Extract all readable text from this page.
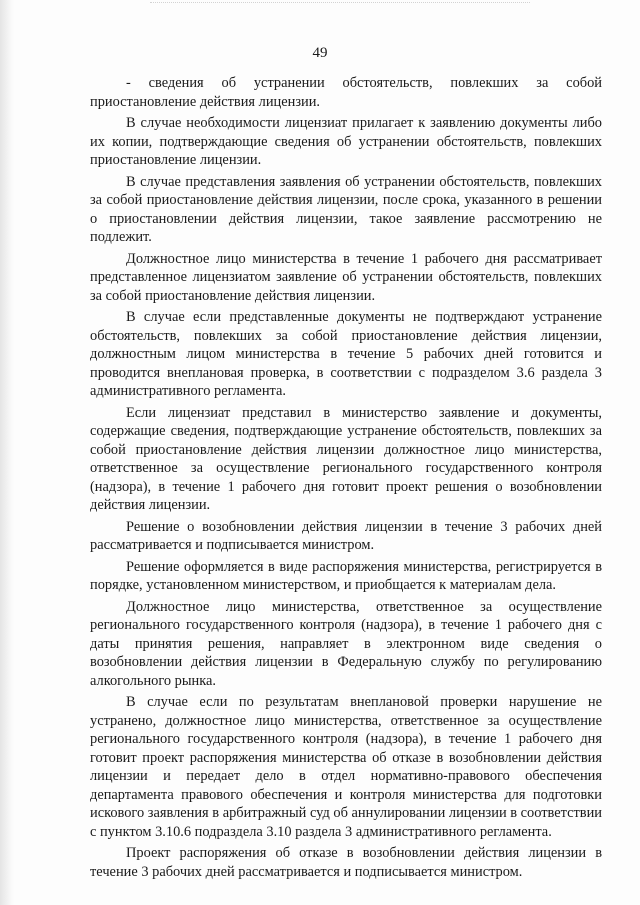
49

- сведения об устранении обстоятельств, повлекших за собой приостановление действия лицензии.

В случае необходимости лицензиат прилагает к заявлению документы либо их копии, подтверждающие сведения об устранении обстоятельств, повлекших приостановление лицензии.

В случае представления заявления об устранении обстоятельств, повлекших за собой приостановление действия лицензии, после срока, указанного в решении о приостановлении действия лицензии, такое заявление рассмотрению не подлежит.

Должностное лицо министерства в течение 1 рабочего дня рассматривает представленное лицензиатом заявление об устранении обстоятельств, повлекших за собой приостановление действия лицензии.

В случае если представленные документы не подтверждают устранение обстоятельств, повлекших за собой приостановление действия лицензии, должностным лицом министерства в течение 5 рабочих дней готовится и проводится внеплановая проверка, в соответствии с подразделом 3.6 раздела 3 административного регламента.

Если лицензиат представил в министерство заявление и документы, содержащие сведения, подтверждающие устранение обстоятельств, повлекших за собой приостановление действия лицензии должностное лицо министерства, ответственное за осуществление регионального государственного контроля (надзора), в течение 1 рабочего дня готовит проект решения о возобновлении действия лицензии.

Решение о возобновлении действия лицензии в течение 3 рабочих дней рассматривается и подписывается министром.

Решение оформляется в виде распоряжения министерства, регистрируется в порядке, установленном министерством, и приобщается к материалам дела.

Должностное лицо министерства, ответственное за осуществление регионального государственного контроля (надзора), в течение 1 рабочего дня с даты принятия решения, направляет в электронном виде сведения о возобновлении действия лицензии в Федеральную службу по регулированию алкогольного рынка.

В случае если по результатам внеплановой проверки нарушение не устранено, должностное лицо министерства, ответственное за осуществление регионального государственного контроля (надзора), в течение 1 рабочего дня готовит проект распоряжения министерства об отказе в возобновлении действия лицензии и передает дело в отдел нормативно-правового обеспечения департамента правового обеспечения и контроля министерства для подготовки искового заявления в арбитражный суд об аннулировании лицензии в соответствии с пунктом 3.10.6 подраздела 3.10 раздела 3 административного регламента.

Проект распоряжения об отказе в возобновлении действия лицензии в течение 3 рабочих дней рассматривается и подписывается министром.
